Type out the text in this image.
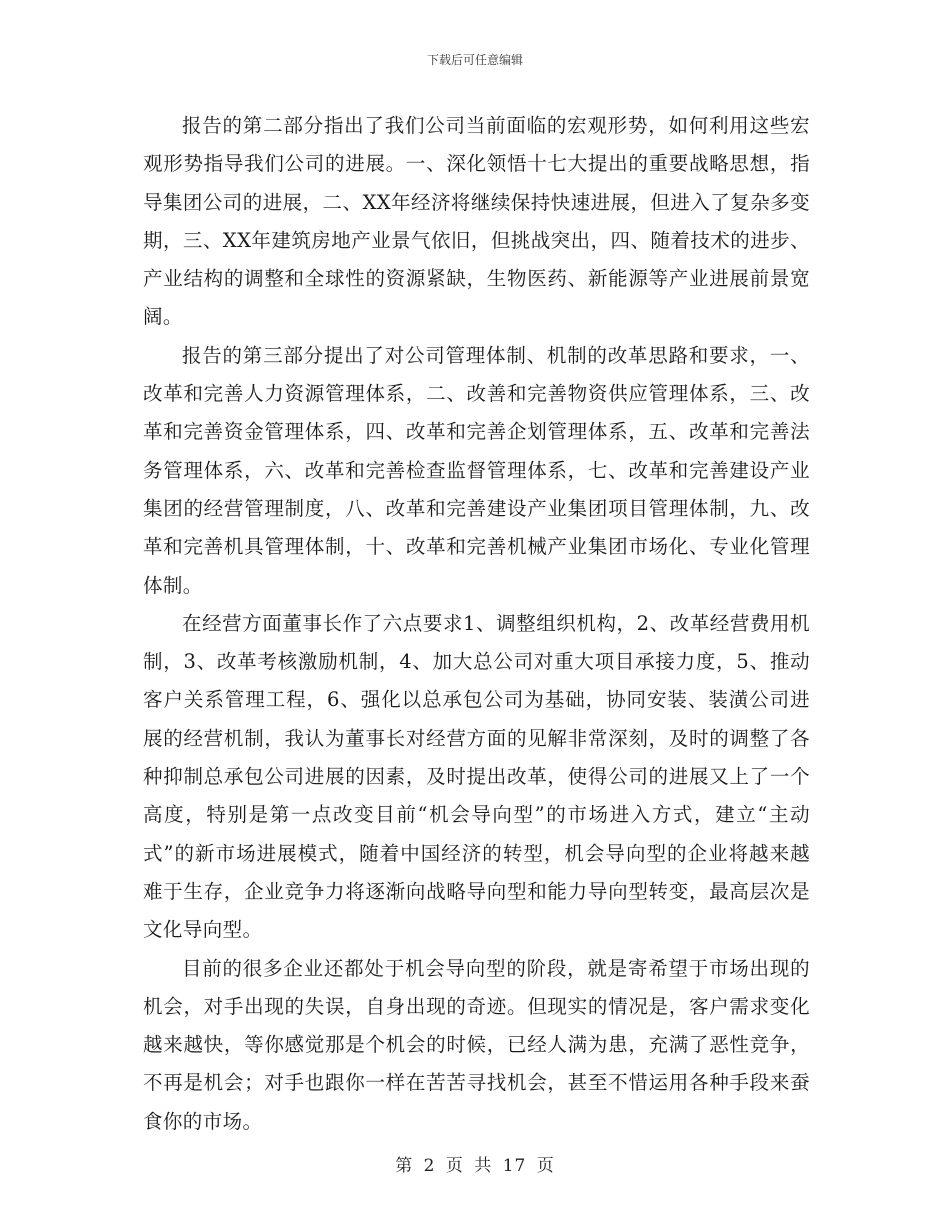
下载后可任意编辑

报告的第二部分指出了我们公司当前面临的宏观形势，如何利用这些宏观形势指导我们公司的进展。一、深化领悟十七大提出的重要战略思想，指导集团公司的进展，二、XX年经济将继续保持快速进展，但进入了复杂多变期，三、XX年建筑房地产业景气依旧，但挑战突出，四、随着技术的进步、产业结构的调整和全球性的资源紧缺，生物医药、新能源等产业进展前景宽阔。

报告的第三部分提出了对公司管理体制、机制的改革思路和要求，一、改革和完善人力资源管理体系，二、改善和完善物资供应管理体系，三、改革和完善资金管理体系，四、改革和完善企划管理体系，五、改革和完善法务管理体系，六、改革和完善检查监督管理体系，七、改革和完善建设产业集团的经营管理制度，八、改革和完善建设产业集团项目管理体制，九、改革和完善机具管理体制，十、改革和完善机械产业集团市场化、专业化管理体制。

在经营方面董事长作了六点要求1、调整组织机构，2、改革经营费用机制，3、改革考核激励机制，4、加大总公司对重大项目承接力度，5、推动客户关系管理工程，6、强化以总承包公司为基础，协同安装、装潢公司进展的经营机制，我认为董事长对经营方面的见解非常深刻，及时的调整了各种抑制总承包公司进展的因素，及时提出改革，使得公司的进展又上了一个高度，特别是第一点改变目前“机会导向型”的市场进入方式，建立“主动式”的新市场进展模式，随着中国经济的转型，机会导向型的企业将越来越难于生存，企业竞争力将逐渐向战略导向型和能力导向型转变，最高层次是文化导向型。

目前的很多企业还都处于机会导向型的阶段，就是寄希望于市场出现的机会，对手出现的失误，自身出现的奇迹。但现实的情况是，客户需求变化越来越快，等你感觉那是个机会的时候，已经人满为患，充满了恶性竞争，不再是机会；对手也跟你一样在苦苦寻找机会，甚至不惜运用各种手段来蚕食你的市场。

第 2 页 共 17 页
